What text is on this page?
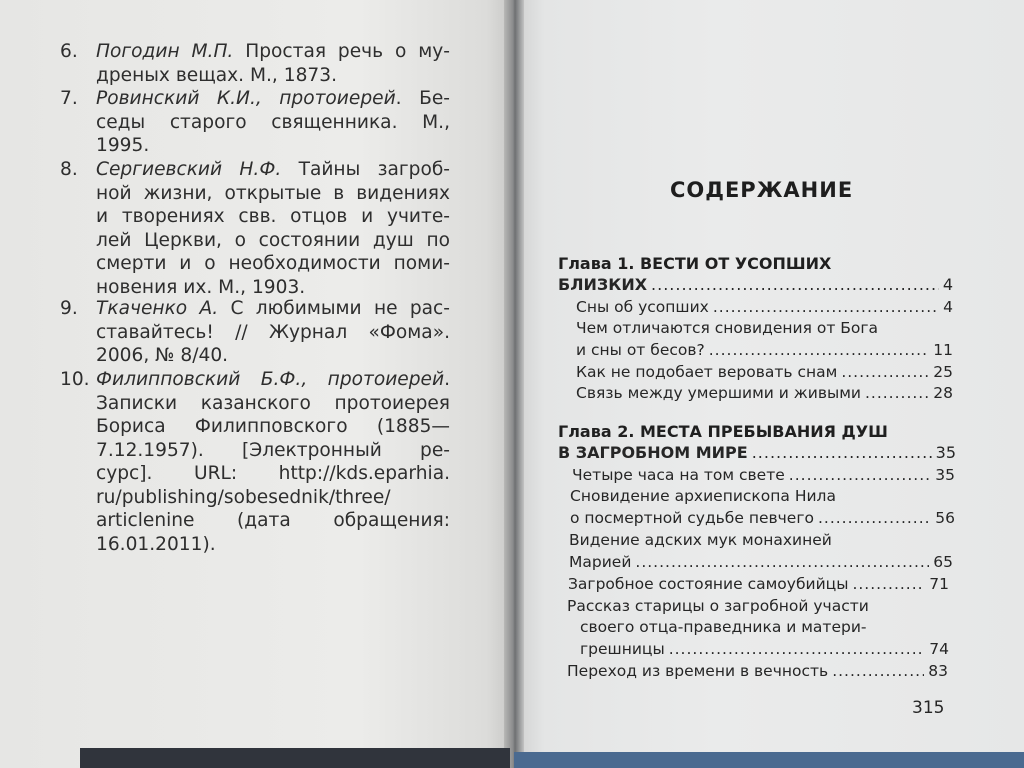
6. Погодин М.П. Простая речь о му-
дреных вещах. М., 1873.
7. Ровинский К.И., протоиерей. Бе-
седы старого священника. М.,
1995.
8. Сергиевский Н.Ф. Тайны загроб-
ной жизни, открытые в видениях
и творениях свв. отцов и учите-
лей Церкви, о состоянии душ по
смерти и о необходимости поми-
новения их. М., 1903.
9. Ткаченко А. С любимыми не рас-
ставайтесь! // Журнал «Фома».
2006, № 8/40.
10. Филипповский Б.Ф., протоиерей.
Записки казанского протоиерея
Бориса Филипповского (1885—
7.12.1957). [Электронный ре-
сурс]. URL: http://kds.eparhia.
ru/publishing/sobesednik/three/
articlenine (дата обращения:
16.01.2011).
СОДЕРЖАНИЕ
Глава 1. ВЕСТИ ОТ УСОПШИХ
БЛИЗКИХ .....	4
Сны об усопших .....	4
Чем отличаются сновидения от Бога
и сны от бесов? .....	11
Как не подобает веровать снам .....	25
Связь между умершими и живыми .....	28
Глава 2. МЕСТА ПРЕБЫВАНИЯ ДУШ
В ЗАГРОБНОМ МИРЕ .....	35
Четыре часа на том свете .....	35
Сновидение архиепископа Нила
о посмертной судьбе певчего .....	56
Видение адских мук монахиней
Марией .....	65
Загробное состояние самоубийцы .....	71
Рассказ старицы о загробной участи
своего отца-праведника и матери-
грешницы .....	74
Переход из времени в вечность .....	83
315
